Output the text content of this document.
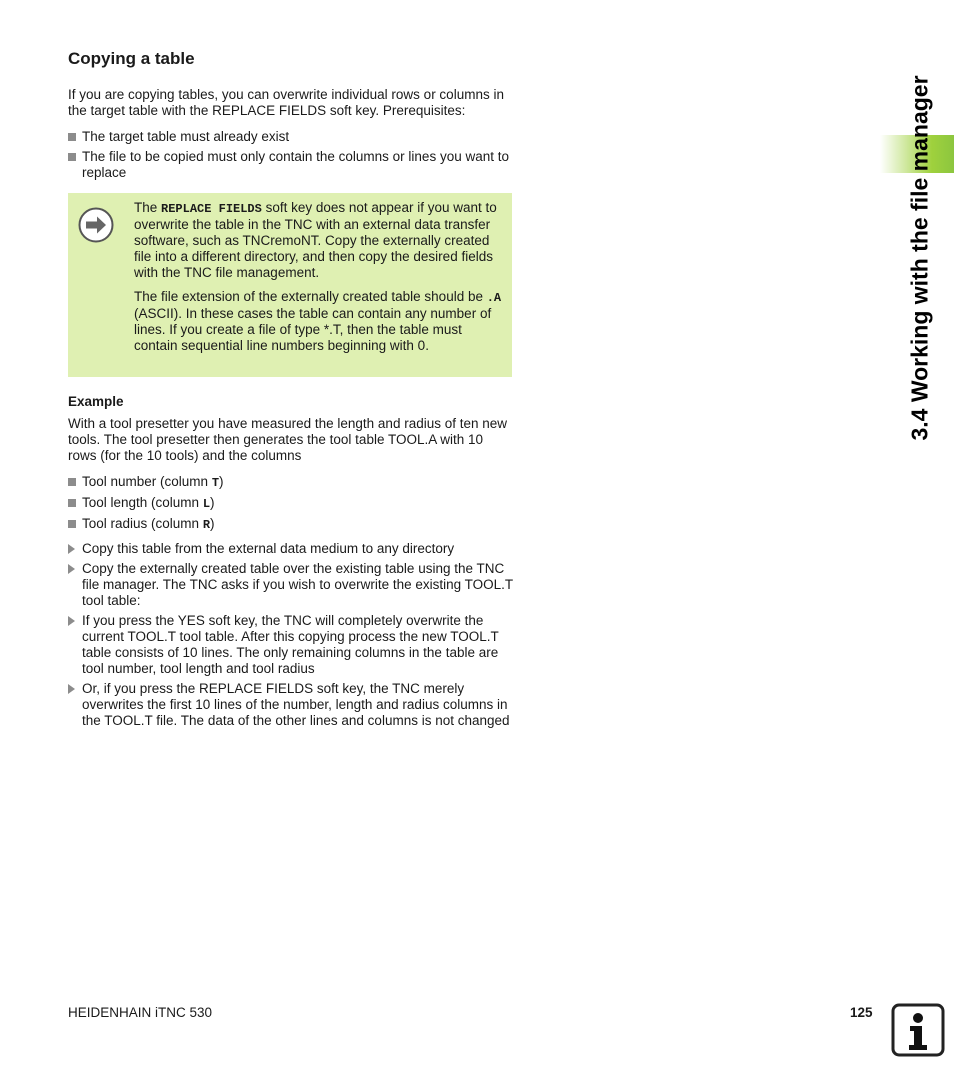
Copying a table

If you are copying tables, you can overwrite individual rows or columns in the target table with the REPLACE FIELDS soft key. Prerequisites:

The target table must already exist
The file to be copied must only contain the columns or lines you want to replace

The REPLACE FIELDS soft key does not appear if you want to overwrite the table in the TNC with an external data transfer software, such as TNCremoNT. Copy the externally created file into a different directory, and then copy the desired fields with the TNC file management.

The file extension of the externally created table should be .A (ASCII). In these cases the table can contain any number of lines. If you create a file of type *.T, then the table must contain sequential line numbers beginning with 0.

Example

With a tool presetter you have measured the length and radius of ten new tools. The tool presetter then generates the tool table TOOL.A with 10 rows (for the 10 tools) and the columns

Tool number (column T)
Tool length (column L)
Tool radius (column R)
Copy this table from the external data medium to any directory
Copy the externally created table over the existing table using the TNC file manager. The TNC asks if you wish to overwrite the existing TOOL.T tool table:
If you press the YES soft key, the TNC will completely overwrite the current TOOL.T tool table. After this copying process the new TOOL.T table consists of 10 lines. The only remaining columns in the table are tool number, tool length and tool radius
Or, if you press the REPLACE FIELDS soft key, the TNC merely overwrites the first 10 lines of the number, length and radius columns in the TOOL.T file. The data of the other lines and columns is not changed
3.4 Working with the file manager
HEIDENHAIN iTNC 530	125
